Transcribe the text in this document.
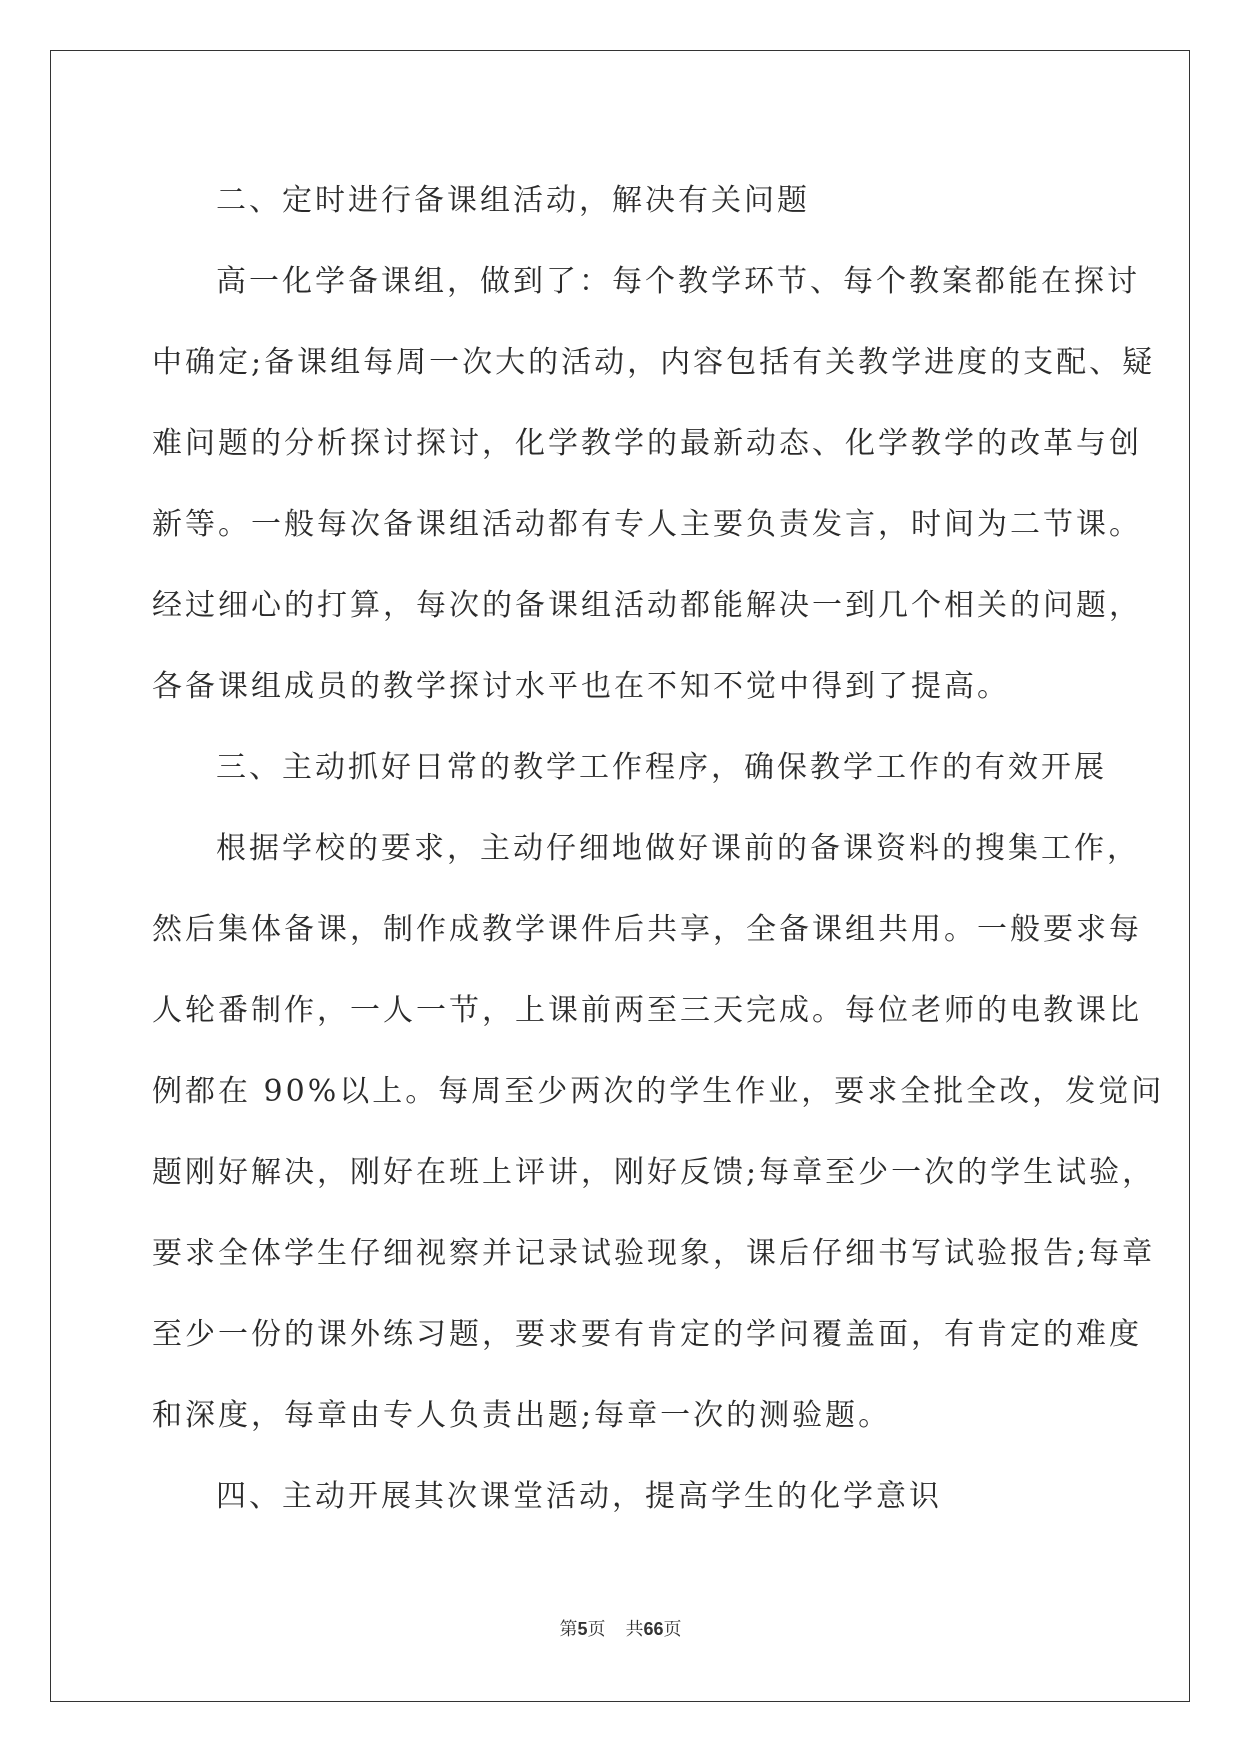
二、定时进行备课组活动，解决有关问题

高一化学备课组，做到了：每个教学环节、每个教案都能在探讨

中确定;备课组每周一次大的活动，内容包括有关教学进度的支配、疑

难问题的分析探讨探讨，化学教学的最新动态、化学教学的改革与创

新等。一般每次备课组活动都有专人主要负责发言，时间为二节课。

经过细心的打算，每次的备课组活动都能解决一到几个相关的问题，

各备课组成员的教学探讨水平也在不知不觉中得到了提高。

三、主动抓好日常的教学工作程序，确保教学工作的有效开展

根据学校的要求，主动仔细地做好课前的备课资料的搜集工作，

然后集体备课，制作成教学课件后共享，全备课组共用。一般要求每

人轮番制作，一人一节，上课前两至三天完成。每位老师的电教课比

例都在 90%以上。每周至少两次的学生作业，要求全批全改，发觉问

题刚好解决，刚好在班上评讲，刚好反馈;每章至少一次的学生试验，

要求全体学生仔细视察并记录试验现象，课后仔细书写试验报告;每章

至少一份的课外练习题，要求要有肯定的学问覆盖面，有肯定的难度

和深度，每章由专人负责出题;每章一次的测验题。

四、主动开展其次课堂活动，提高学生的化学意识

第5页 共66页
